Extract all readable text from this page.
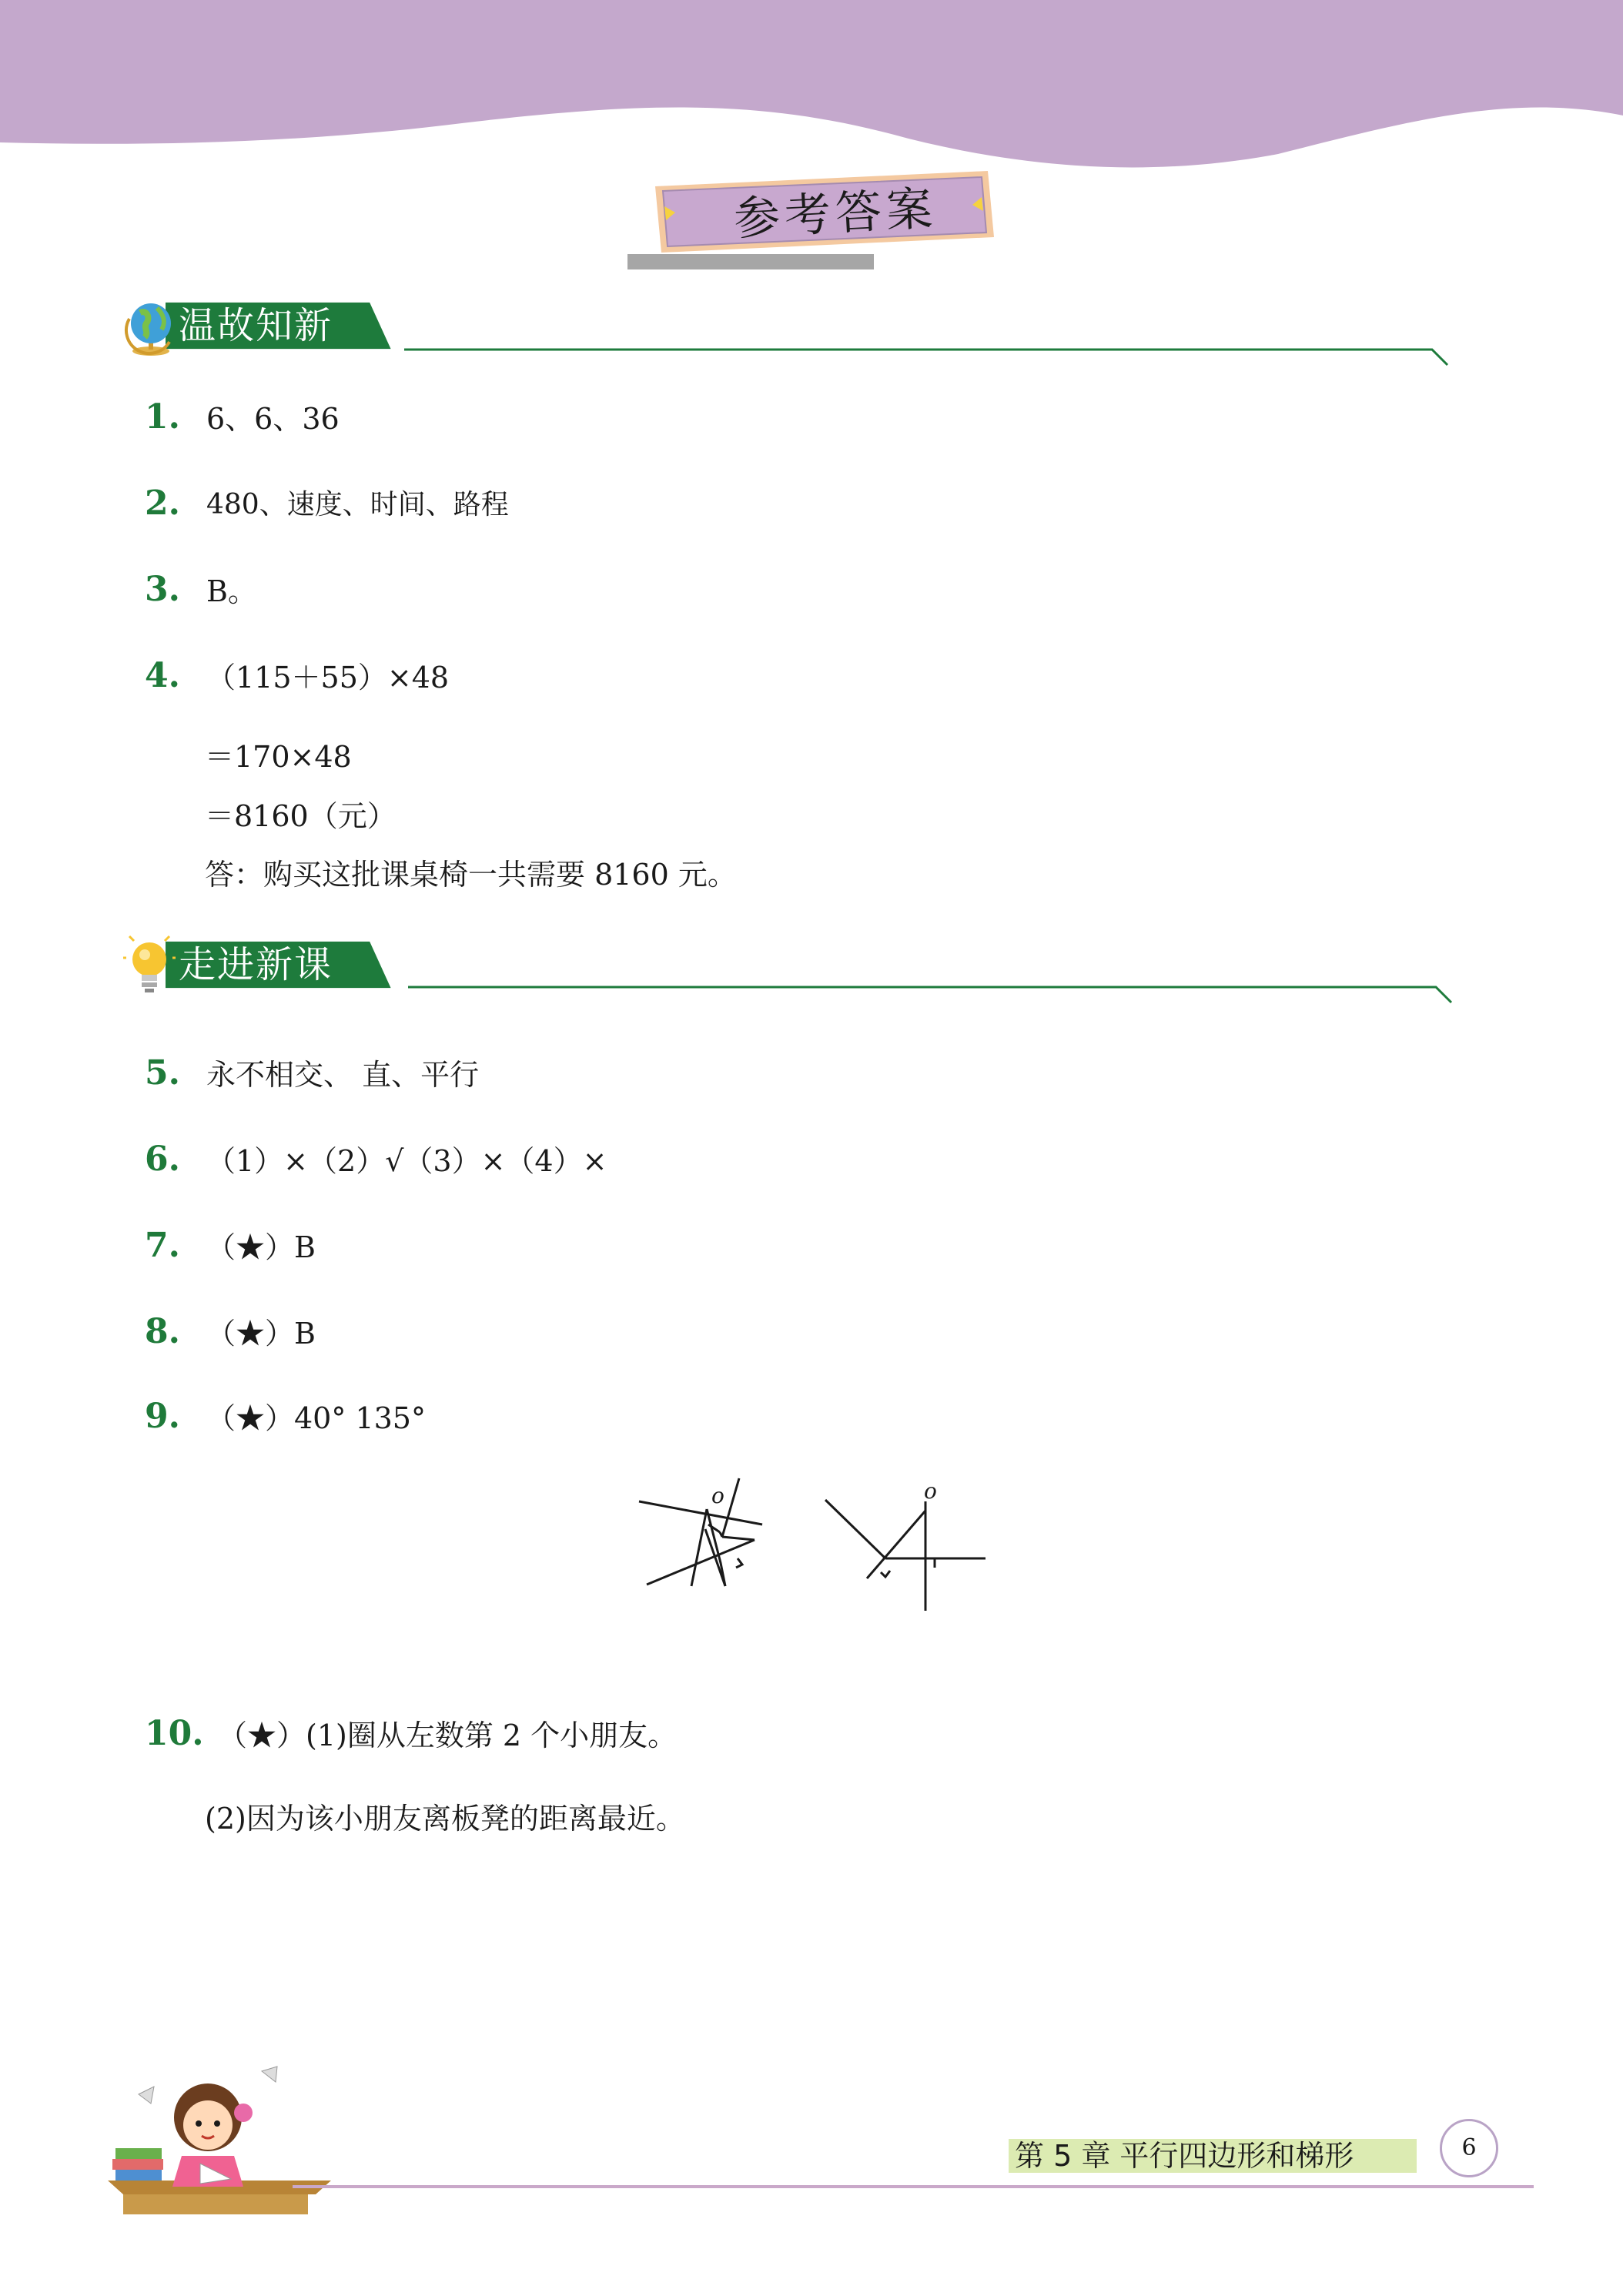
参考答案
温故知新
1. 6、6、36
2. 480、速度、时间、路程
3. B。
4. （115＋55）×48
＝170×48
＝8160（元）
答：购买这批课桌椅一共需要 8160 元。
走进新课
5. 永不相交、 直、平行
6. （1）×（2）√（3）×（4）×
7. （★）B
8. （★）B
9. （★）40° 135°
o	o
10. （★）(1)圈从左数第 2 个小朋友。
(2)因为该小朋友离板凳的距离最近。
第 5 章 平行四边形和梯形	6
